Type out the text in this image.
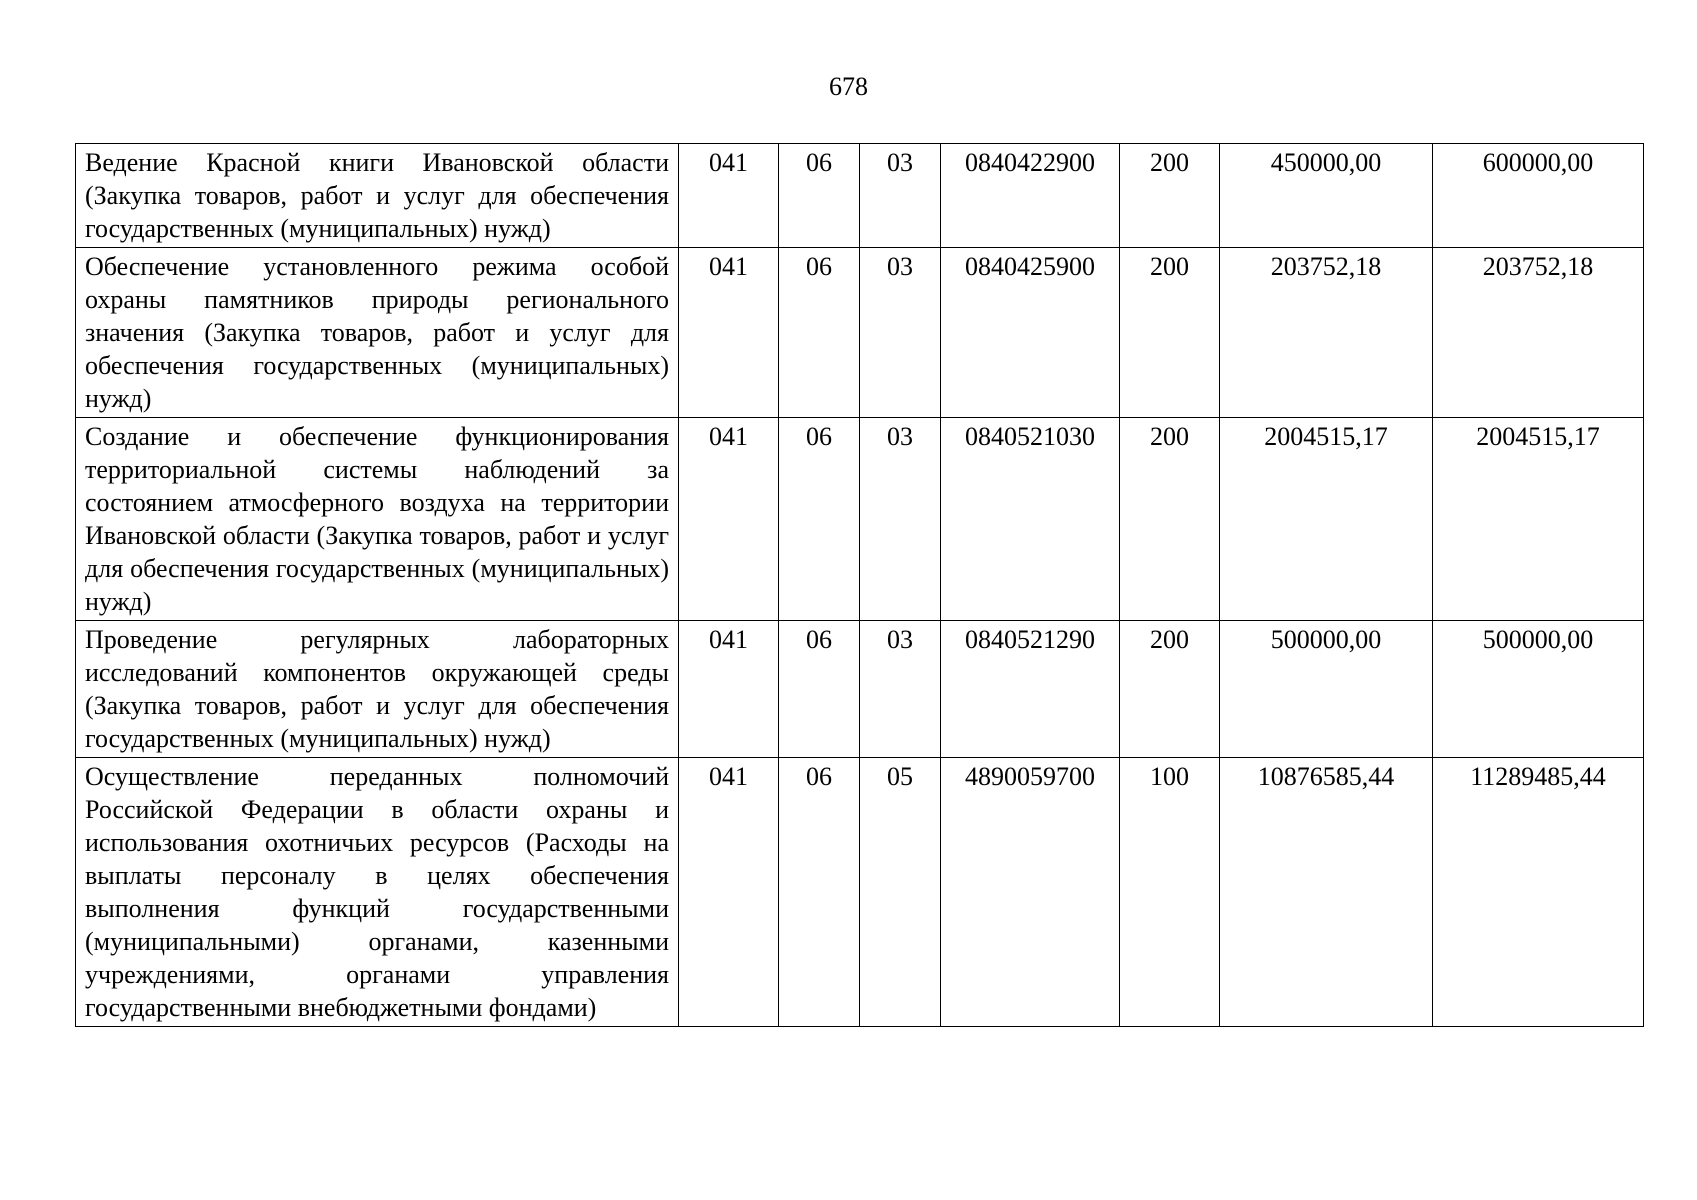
678
Ведение Красной книги Ивановской области (Закупка товаров, работ и услуг для обеспечения государственных (муниципальных) нужд)	041	06	03	0840422900	200	450000,00	600000,00
Обеспечение установленного режима особой охраны памятников природы регионального значения (Закупка товаров, работ и услуг для обеспечения государственных (муниципальных) нужд)	041	06	03	0840425900	200	203752,18	203752,18
Создание и обеспечение функционирования территориальной системы наблюдений за состоянием атмосферного воздуха на территории Ивановской области (Закупка товаров, работ и услуг для обеспечения государственных (муниципальных) нужд)	041	06	03	0840521030	200	2004515,17	2004515,17
Проведение регулярных лабораторных исследований компонентов окружающей среды (Закупка товаров, работ и услуг для обеспечения государственных (муниципальных) нужд)	041	06	03	0840521290	200	500000,00	500000,00
Осуществление переданных полномочий Российской Федерации в области охраны и использования охотничьих ресурсов (Расходы на выплаты персоналу в целях обеспечения выполнения функций государственными (муниципальными) органами, казенными учреждениями, органами управления государственными внебюджетными фондами)	041	06	05	4890059700	100	10876585,44	11289485,44
